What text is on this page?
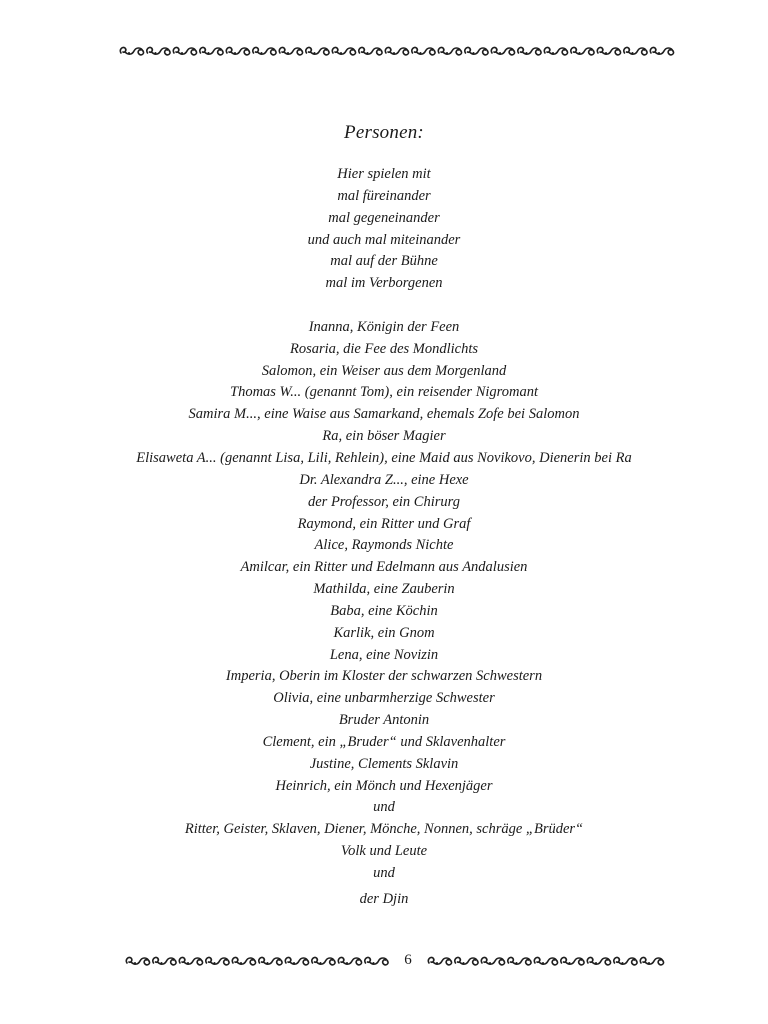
Personen:

Hier spielen mit

mal füreinander

mal gegeneinander

und auch mal miteinander

mal auf der Bühne

mal im Verborgenen

Inanna, Königin der Feen

Rosaria, die Fee des Mondlichts

Salomon, ein Weiser aus dem Morgenland

Thomas W... (genannt Tom), ein reisender Nigromant

Samira M..., eine Waise aus Samarkand, ehemals Zofe bei Salomon

Ra, ein böser Magier

Elisaweta A... (genannt Lisa, Lili, Rehlein), eine Maid aus Novikovo, Dienerin bei Ra

Dr. Alexandra Z..., eine Hexe

der Professor, ein Chirurg

Raymond, ein Ritter und Graf

Alice, Raymonds Nichte

Amilcar, ein Ritter und Edelmann aus Andalusien

Mathilda, eine Zauberin

Baba, eine Köchin

Karlik, ein Gnom

Lena, eine Novizin

Imperia, Oberin im Kloster der schwarzen Schwestern

Olivia, eine unbarmherzige Schwester

Bruder Antonin

Clement, ein „Bruder“ und Sklavenhalter

Justine, Clements Sklavin

Heinrich, ein Mönch und Hexenjäger

und

Ritter, Geister, Sklaven, Diener, Mönche, Nonnen, schräge „Brüder“

Volk und Leute

und

der Djin

6
